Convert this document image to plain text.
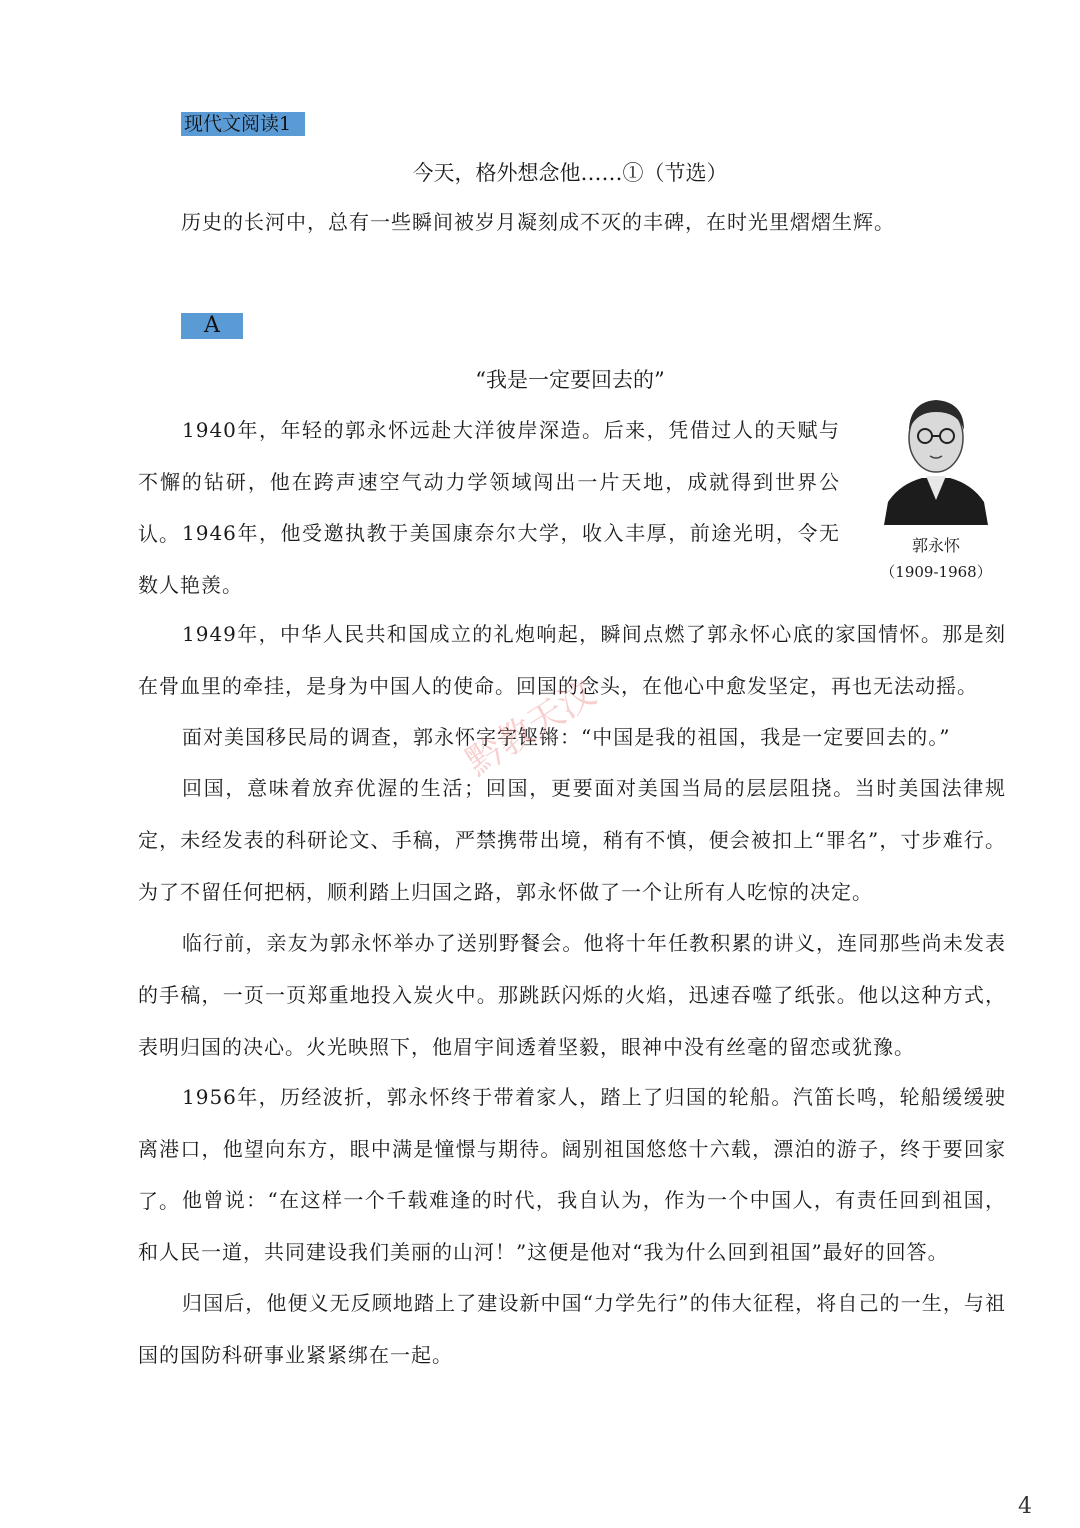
现代文阅读1
今天，格外想念他……①（节选）
历史的长河中，总有一些瞬间被岁月凝刻成不灭的丰碑，在时光里熠熠生辉。
A
“我是一定要回去的”
郭永怀
（1909-1968）

1940年，年轻的郭永怀远赴大洋彼岸深造。后来，凭借过人的天赋与不懈的钻研，他在跨声速空气动力学领域闯出一片天地，成就得到世界公认。 1946年，他受邀执教于美国康奈尔大学，收入丰厚，前途光明，令无数人艳羡。

1949年，中华人民共和国成立的礼炮响起，瞬间点燃了郭永怀心底的家国情怀。那是刻在骨血里的牵挂，是身为中国人的使命。回国的念头，在他心中愈发坚定，再也无法动摇。

面对美国移民局的调查，郭永怀字字铿锵：“中国是我的祖国，我是一定要回去的。”

回国，意味着放弃优渥的生活；回国，更要面对美国当局的层层阻挠。当时美国法律规定，未经发表的科研论文、手稿，严禁携带出境，稍有不慎，便会被扣上“罪名”，寸步难行。为了不留任何把柄，顺利踏上归国之路，郭永怀做了一个让所有人吃惊的决定。

临行前，亲友为郭永怀举办了送别野餐会。他将十年任教积累的讲义，连同那些尚未发表的手稿，一页一页郑重地投入炭火中。那跳跃闪烁的火焰，迅速吞噬了纸张。他以这种方式，表明归国的决心。火光映照下，他眉宇间透着坚毅，眼神中没有丝毫的留恋或犹豫。

1956年，历经波折，郭永怀终于带着家人，踏上了归国的轮船。汽笛长鸣，轮船缓缓驶离港口，他望向东方，眼中满是憧憬与期待。阔别祖国悠悠十六载，漂泊的游子，终于要回家了。 他曾说：“在这样一个千载难逢的时代，我自认为，作为一个中国人，有责任回到祖国，和人民一道，共同建设我们美丽的山河！”这便是他对“我为什么回到祖国”最好的回答。

归国后，他便义无反顾地踏上了建设新中国“力学先行”的伟大征程，将自己的一生，与祖国的国防科研事业紧紧绑在一起。

黔教天汶
4
